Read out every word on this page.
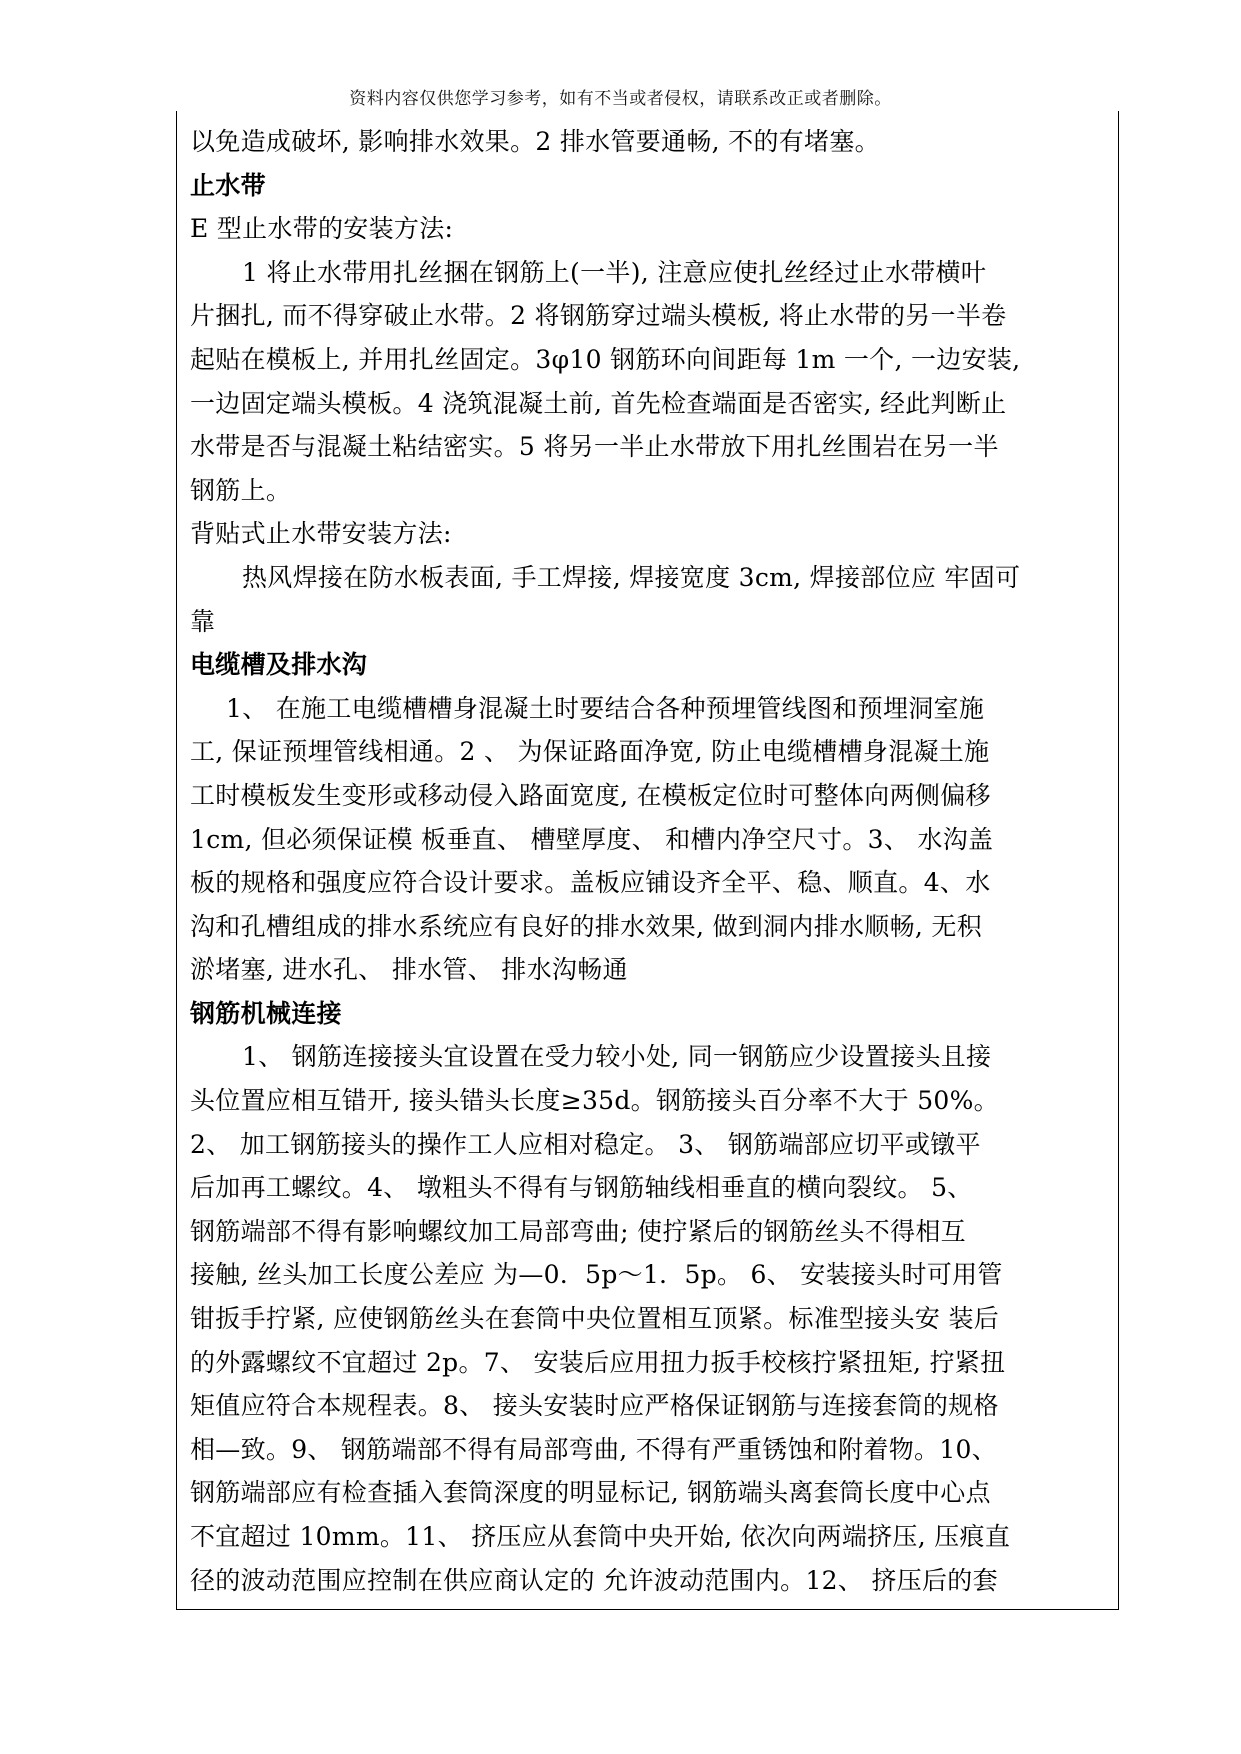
资料内容仅供您学习参考，如有不当或者侵权，请联系改正或者删除。
以免造成破坏, 影响排水效果。2 排水管要通畅, 不的有堵塞。
止水带
E 型止水带的安装方法:
1 将止水带用扎丝捆在钢筋上(一半), 注意应使扎丝经过止水带横叶
片捆扎, 而不得穿破止水带。2 将钢筋穿过端头模板, 将止水带的另一半卷
起贴在模板上, 并用扎丝固定。3φ10 钢筋环向间距每 1m 一个, 一边安装,
一边固定端头模板。4 浇筑混凝土前, 首先检查端面是否密实, 经此判断止
水带是否与混凝土粘结密实。5 将另一半止水带放下用扎丝围岩在另一半
钢筋上。
背贴式止水带安装方法:
热风焊接在防水板表面, 手工焊接, 焊接宽度 3cm, 焊接部位应 牢固可
靠
电缆槽及排水沟
1、 在施工电缆槽槽身混凝土时要结合各种预埋管线图和预埋洞室施
工, 保证预埋管线相通。2 、 为保证路面净宽, 防止电缆槽槽身混凝土施
工时模板发生变形或移动侵入路面宽度, 在模板定位时可整体向两侧偏移
1cm, 但必须保证模 板垂直、 槽壁厚度、 和槽内净空尺寸。3、 水沟盖
板的规格和强度应符合设计要求。盖板应铺设齐全平、稳、顺直。4、水
沟和孔槽组成的排水系统应有良好的排水效果, 做到洞内排水顺畅, 无积
淤堵塞, 进水孔、 排水管、 排水沟畅通
钢筋机械连接
1、 钢筋连接接头宜设置在受力较小处, 同一钢筋应少设置接头且接
头位置应相互错开, 接头错头长度≥35d。钢筋接头百分率不大于 50%。
2、 加工钢筋接头的操作工人应相对稳定。 3、 钢筋端部应切平或镦平
后加再工螺纹。4、 墩粗头不得有与钢筋轴线相垂直的横向裂纹。 5、
钢筋端部不得有影响螺纹加工局部弯曲; 使拧紧后的钢筋丝头不得相互
接触, 丝头加工长度公差应 为—0．5p～1．5p。 6、 安装接头时可用管
钳扳手拧紧, 应使钢筋丝头在套筒中央位置相互顶紧。标准型接头安 装后
的外露螺纹不宜超过 2p。7、 安装后应用扭力扳手校核拧紧扭矩, 拧紧扭
矩值应符合本规程表。8、 接头安装时应严格保证钢筋与连接套筒的规格
相—致。9、 钢筋端部不得有局部弯曲, 不得有严重锈蚀和附着物。10、
钢筋端部应有检查插入套筒深度的明显标记, 钢筋端头离套筒长度中心点
不宜超过 10mm。11、 挤压应从套筒中央开始, 依次向两端挤压, 压痕直
径的波动范围应控制在供应商认定的 允许波动范围内。12、 挤压后的套
